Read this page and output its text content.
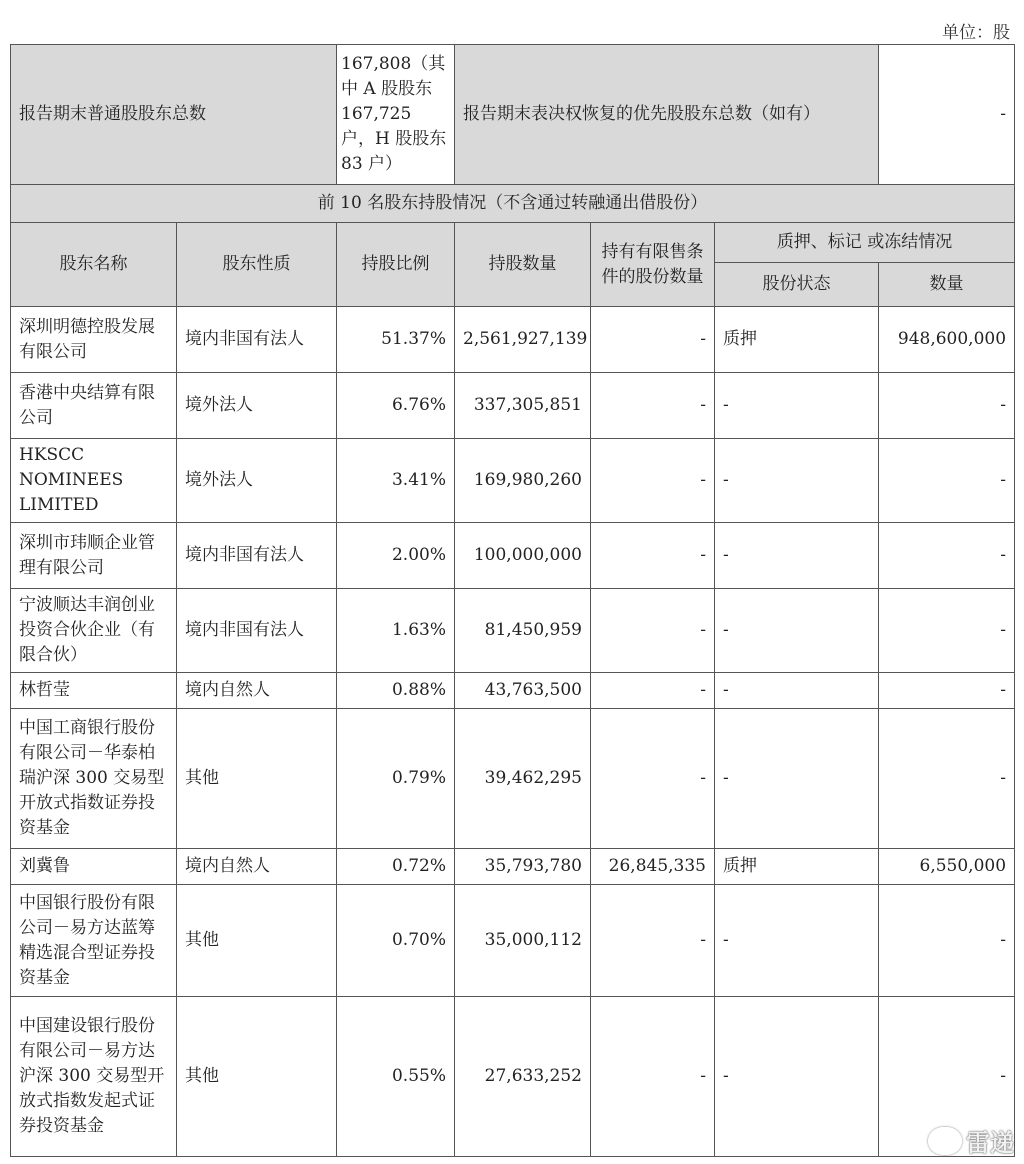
单位：股
报告期末普通股股东总数		167,808（其中 A 股股东 167,725 户，H 股股东 83 户）	报告期末表决权恢复的优先股股东总数（如有）			-
前 10 名股东持股情况（不含通过转融通出借股份）						
股东名称	股东性质	持股比例	持股数量	持有有限售条件的股份数量	质押、标记 或冻结情况	
					股份状态	数量
深圳明德控股发展有限公司	境内非国有法人	51.37%	2,561,927,139	-	质押	948,600,000
香港中央结算有限公司	境外法人	6.76%	337,305,851	-	-	-
HKSCC NOMINEES LIMITED	境外法人	3.41%	169,980,260	-	-	-
深圳市玮顺企业管理有限公司	境内非国有法人	2.00%	100,000,000	-	-	-
宁波顺达丰润创业投资合伙企业（有限合伙）	境内非国有法人	1.63%	81,450,959	-	-	-
林哲莹	境内自然人	0.88%	43,763,500	-	-	-
中国工商银行股份有限公司－华泰柏瑞沪深 300 交易型开放式指数证券投资基金	其他	0.79%	39,462,295	-	-	-
刘冀鲁	境内自然人	0.72%	35,793,780	26,845,335	质押	6,550,000
中国银行股份有限公司－易方达蓝筹精选混合型证券投资基金	其他	0.70%	35,000,112	-	-	-
中国建设银行股份有限公司－易方达沪深 300 交易型开放式指数发起式证券投资基金	其他	0.55%	27,633,252	-	-	-
雷递
